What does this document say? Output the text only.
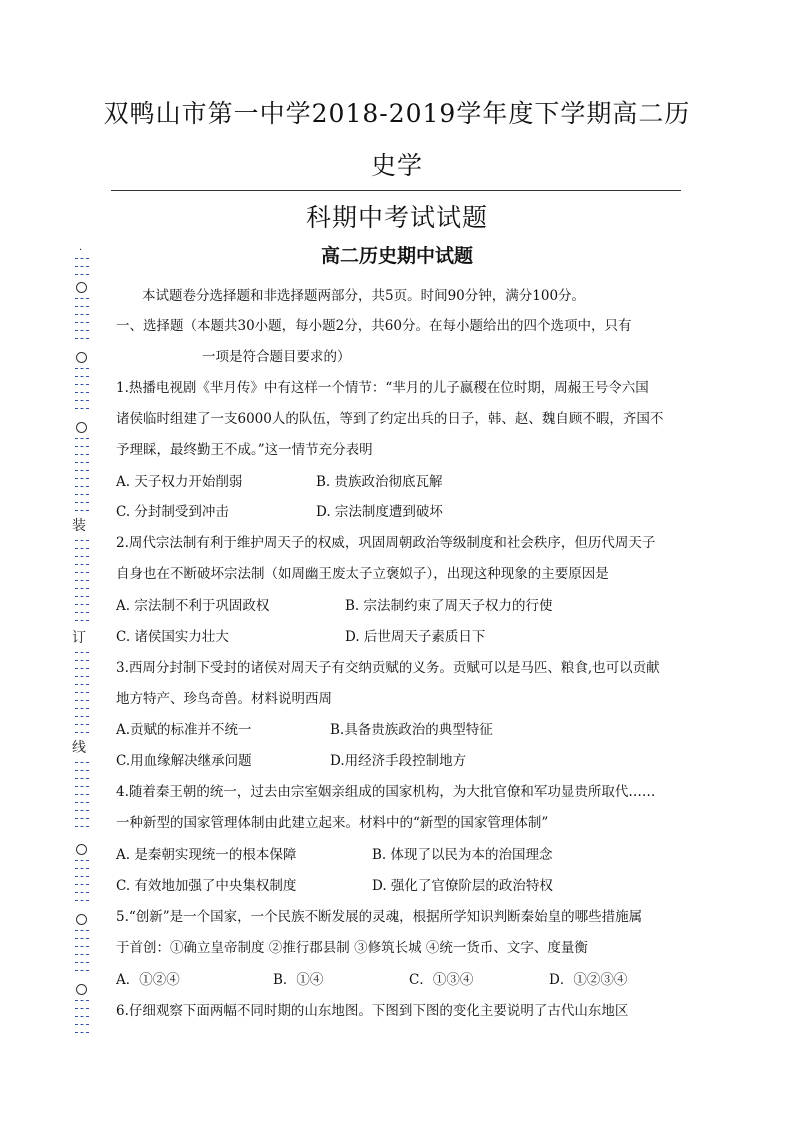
双鸭山市第一中学2018-2019学年度下学期高二历史学
科期中考试试题
·
装
订
线
高二历史期中试题
本试题卷分选择题和非选择题两部分，共5页。时间90分钟，满分100分。
一、选择题（本题共30小题，每小题2分，共60分。在每小题给出的四个选项中，只有
一项是符合题目要求的）
1.热播电视剧《芈月传》中有这样一个情节：“芈月的儿子嬴稷在位时期，周赧王号令六国
诸侯临时组建了一支6000人的队伍，等到了约定出兵的日子，韩、赵、魏自顾不暇，齐国不
予理睬，最终勤王不成。”这一情节充分表明
A. 天子权力开始削弱	B. 贵族政治彻底瓦解
C. 分封制受到冲击	D. 宗法制度遭到破坏
2.周代宗法制有利于维护周天子的权威，巩固周朝政治等级制度和社会秩序，但历代周天子
自身也在不断破坏宗法制（如周幽王废太子立褒姒子），出现这种现象的主要原因是
A. 宗法制不利于巩固政权	B. 宗法制约束了周天子权力的行使
C. 诸侯国实力壮大	D. 后世周天子素质日下
3.西周分封制下受封的诸侯对周天子有交纳贡赋的义务。贡赋可以是马匹、粮食,也可以贡献
地方特产、珍鸟奇兽。材料说明西周
A.贡赋的标准并不统一	B.具备贵族政治的典型特征
C.用血缘解决继承问题	D.用经济手段控制地方
4.随着秦王朝的统一，过去由宗室姻亲组成的国家机构，为大批官僚和军功显贵所取代……
一种新型的国家管理体制由此建立起来。材料中的“新型的国家管理体制”
A. 是秦朝实现统一的根本保障	B. 体现了以民为本的治国理念
C. 有效地加强了中央集权制度	D. 强化了官僚阶层的政治特权
5.“创新”是一个国家，一个民族不断发展的灵魂，根据所学知识判断秦始皇的哪些措施属
于首创：①确立皇帝制度 ②推行郡县制 ③修筑长城 ④统一货币、文字、度量衡
A．①②④	B．①④	C．①③④	D．①②③④
6.仔细观察下面两幅不同时期的山东地图。下图到下图的变化主要说明了古代山东地区
